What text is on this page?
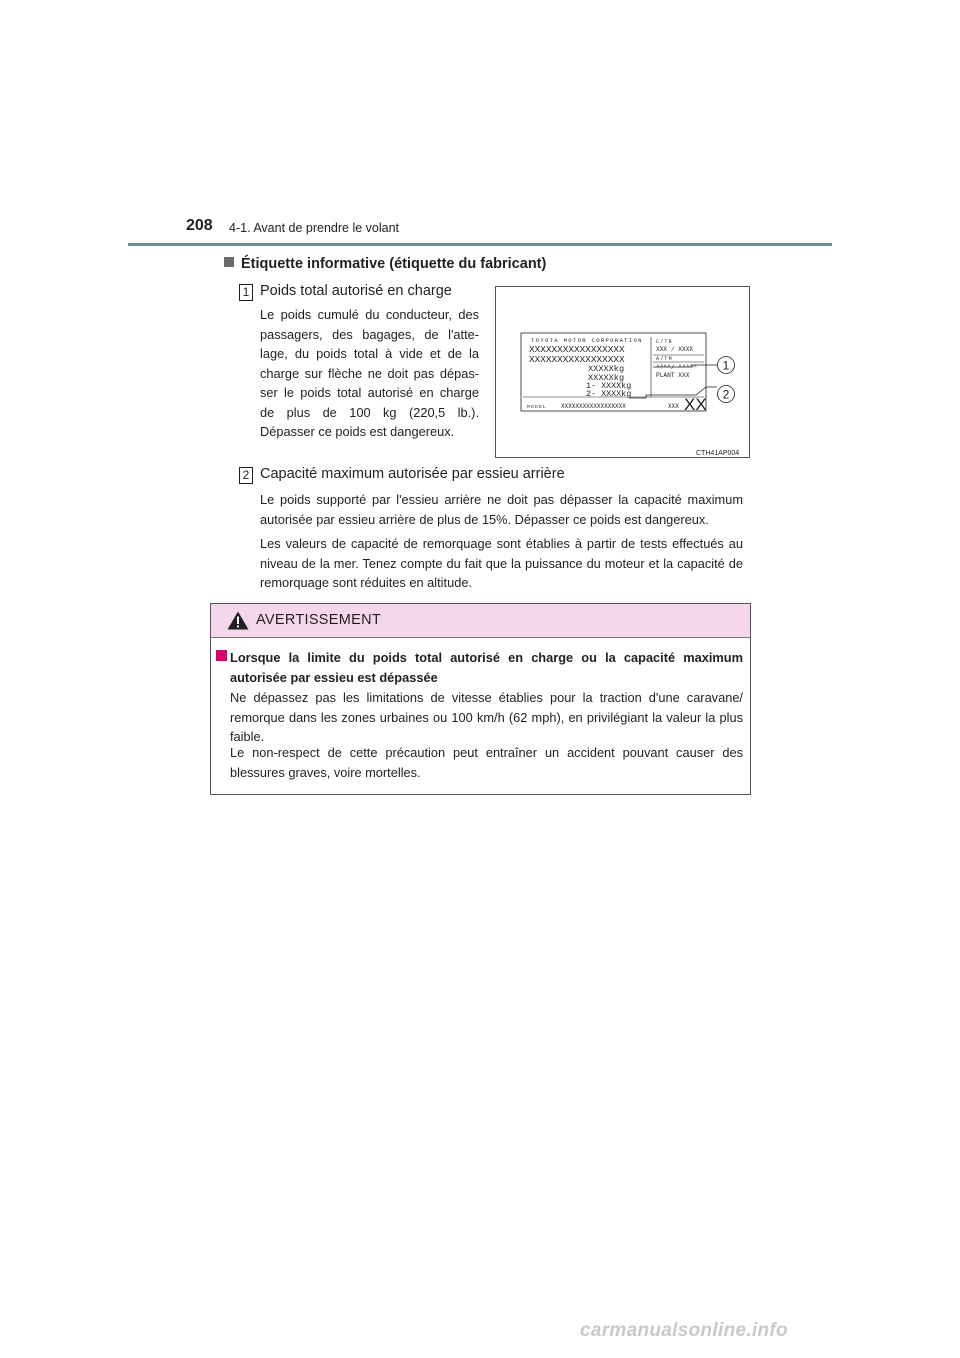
208 4-1. Avant de prendre le volant
Étiquette informative (étiquette du fabricant)
1 Poids total autorisé en charge
Le poids cumulé du conducteur, des passagers, des bagages, de l'atte-lage, du poids total à vide et de la charge sur flèche ne doit pas dépas-ser le poids total autorisé en charge de plus de 100 kg (220,5 lb.). Dépasser ce poids est dangereux.
TOYOTA MOTOR CORPORATION
XXXXXXXXXXXXXXXXX
XXXXXXXXXXXXXXXXX
XXXXXkg
XXXXXkg
1- XXXXkg
2- XXXXkg
C/TR
XXX / XXXX
A/TM
^^^^/ ^^^^^
PLANT XXX
MODEL XXXXXXXXXXXXXXXXXX	XXX XX
1
2
CTH41AP004
2 Capacité maximum autorisée par essieu arrière
Le poids supporté par l'essieu arrière ne doit pas dépasser la capacité maximum autorisée par essieu arrière de plus de 15%. Dépasser ce poids est dangereux.
Les valeurs de capacité de remorquage sont établies à partir de tests effectués au niveau de la mer. Tenez compte du fait que la puissance du moteur et la capacité de remorquage sont réduites en altitude.
AVERTISSEMENT
Lorsque la limite du poids total autorisé en charge ou la capacité maximum autorisée par essieu est dépassée
Ne dépassez pas les limitations de vitesse établies pour la traction d'une caravane/ remorque dans les zones urbaines ou 100 km/h (62 mph), en privilégiant la valeur la plus faible.
Le non-respect de cette précaution peut entraîner un accident pouvant causer des blessures graves, voire mortelles.
carmanualsonline.info
